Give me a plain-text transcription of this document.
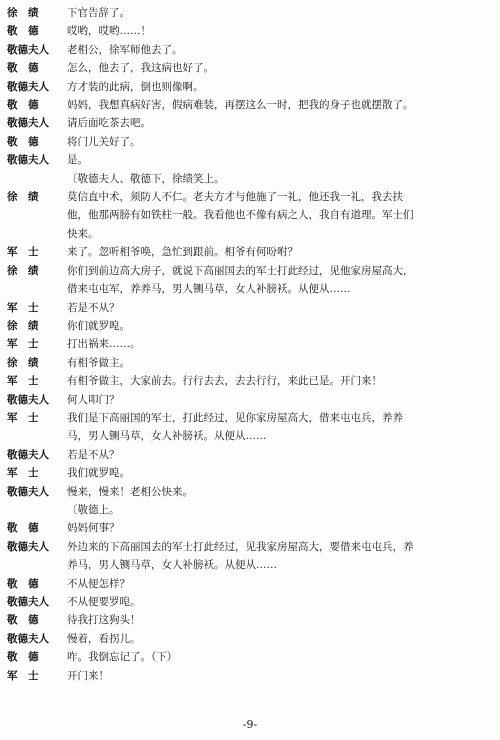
徐　绩	下官告辞了。
敬　德	哎哟，哎哟……！
敬德夫人	老相公，徐军师他去了。
敬　德	怎么，他去了，我这病也好了。
敬德夫人	方才装的此病，倒也则像啊。
敬　德	妈妈，我想真病好害，假病难装，再摆这么一时，把我的身子也就摆散了。
敬德夫人	请后面吃茶去吧。
敬　德	将门儿关好了。
敬德夫人	是。
〔敬德夫人、敬德下，徐绩笑上。
徐　绩	莫信直中术，须防人不仁。老夫方才与他施了一礼，他还我一礼，我去扶
他，他那两膀有如铁柱一般。我看他也不像有病之人，我自有道理。军士们
快来。
军　士	来了。忽听相爷唤，急忙到跟前。相爷有何吩咐？
徐　绩	你们到前边高大房子，就说下高丽国去的军士打此经过，见他家房屋高大，
借来屯屯军，养养马，男人铡马草，女人补膀袄。从便从……
军　士	若是不从？
徐　绩	你们就罗唣。
军　士	打出祸来……。
徐　绩	有相爷做主。
军　士	有相爷做主，大家前去。行行去去，去去行行，来此已是。开门来！
敬德夫人	何人叩门？
军　士	我们是下高丽国的军士，打此经过，见你家房屋高大，借来屯屯兵，养养
马，男人铡马草，女人补膀袄。从便从……
敬德夫人	若是不从？
军　士	我们就罗唣。
敬德夫人	慢来，慢来！老相公快来。
〔敬德上。
敬　德	妈妈何事？
敬德夫人	外边来的下高丽国去的军士打此经过，见我家房屋高大，要借来屯屯兵，养
养马，男人铡马草，女人补膀袄。从便从……
敬　德	不从便怎样？
敬德夫人	不从便要罗唣。
敬　德	待我打这狗头！
敬德夫人	慢着，看拐儿。
敬　德	咋。我倒忘记了。（下）
军　士	开门来！
-9-
